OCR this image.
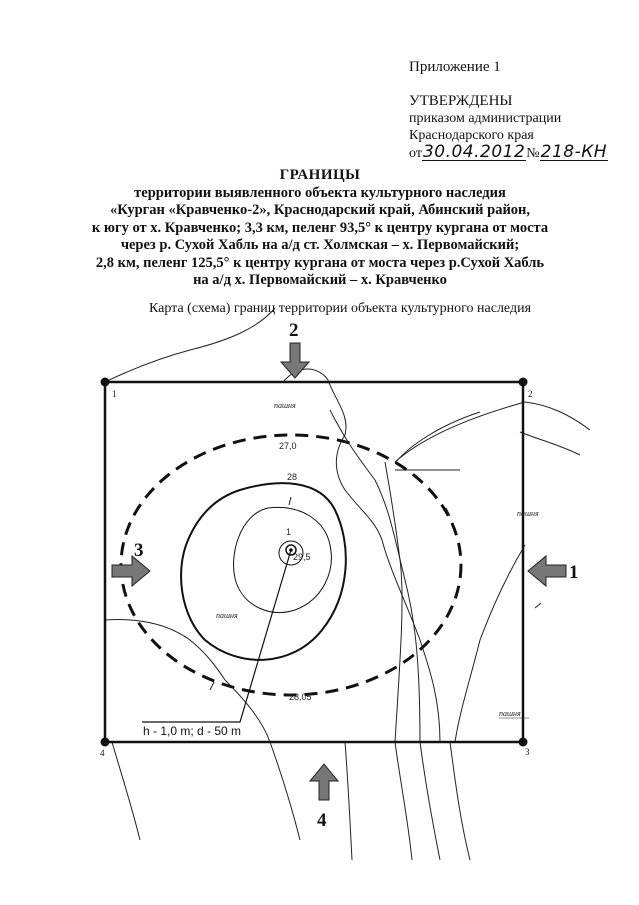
Приложение 1
УТВЕРЖДЕНЫ
приказом администрации
Краснодарского края
от 30.04.2012 № 218-КН
ГРАНИЦЫ
территории выявленного объекта культурного наследия
«Курган «Кравченко-2», Краснодарский край, Абинский район,
к югу от х. Кравченко; 3,3 км, пеленг 93,5° к центру кургана от моста
через р. Сухой Хабль на а/д ст. Холмская – х. Первомайский;
2,8 км, пеленг 125,5° к центру кургана от моста через р.Сухой Хабль
на а/д х. Первомайский – х. Кравченко
Карта (схема) границ территории объекта культурного наследия
1	2
3
4
h - 1,0 m; d - 50 m
27,0
28
1
29,5
28,05
пашня
пашня
пашня
пашня
2
3
1
4
